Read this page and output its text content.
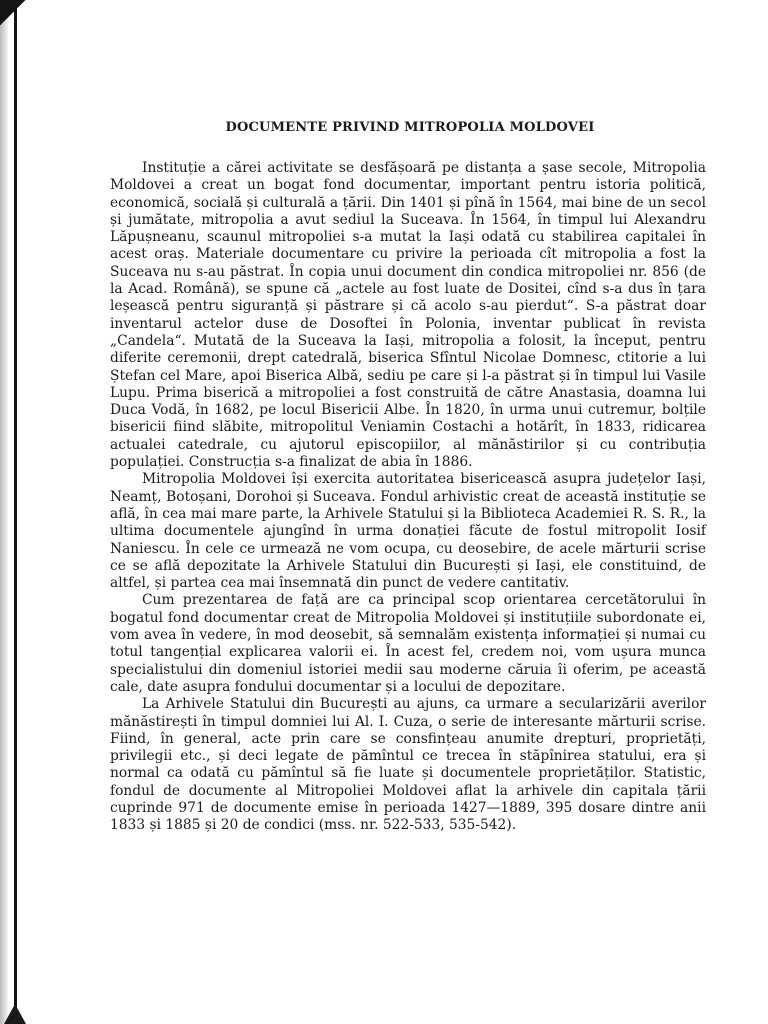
DOCUMENTE PRIVIND MITROPOLIA MOLDOVEI

Instituție a cărei activitate se desfășoară pe distanța a șase secole, Mitropolia Moldovei a creat un bogat fond documentar, important pentru istoria politică, economică, socială și culturală a țării. Din 1401 și pînă în 1564, mai bine de un secol și jumătate, mitropolia a avut sediul la Suceava. În 1564, în timpul lui Alexandru Lăpușneanu, scaunul mitropoliei s-a mutat la Iași odată cu stabilirea capitalei în acest oraș. Materiale documentare cu privire la perioada cît mitropolia a fost la Suceava nu s-au păstrat. În copia unui document din condica mitropoliei nr. 856 (de la Acad. Română), se spune că „actele au fost luate de Dositei, cînd s-a dus în țara leșească pentru siguranță și păstrare și că acolo s-au pierdut“. S-a păstrat doar inventarul actelor duse de Dosoftei în Polonia, inventar publicat în revista „Candela“. Mutată de la Suceava la Iași, mitropolia a folosit, la început, pentru diferite ceremonii, drept catedrală, biserica Sfîntul Nicolae Domnesc, ctitorie a lui Ștefan cel Mare, apoi Biserica Albă, sediu pe care și l-a păstrat și în timpul lui Vasile Lupu. Prima biserică a mitropoliei a fost construită de către Anastasia, doamna lui Duca Vodă, în 1682, pe locul Bisericii Albe. În 1820, în urma unui cutremur, bolțile bisericii fiind slăbite, mitropolitul Veniamin Costachi a hotărît, în 1833, ridicarea actualei catedrale, cu ajutorul episcopiilor, al mănăstirilor și cu contribuția populației. Construcția s-a finalizat de abia în 1886.

Mitropolia Moldovei își exercita autoritatea bisericească asupra județelor Iași, Neamț, Botoșani, Dorohoi și Suceava. Fondul arhivistic creat de această instituție se află, în cea mai mare parte, la Arhivele Statului și la Biblioteca Academiei R. S. R., la ultima documentele ajungînd în urma donației făcute de fostul mitropolit Iosif Naniescu. În cele ce urmează ne vom ocupa, cu deosebire, de acele mărturii scrise ce se află depozitate la Arhivele Statului din București și Iași, ele constituind, de altfel, și partea cea mai însemnată din punct de vedere cantitativ.

Cum prezentarea de față are ca principal scop orientarea cercetătorului în bogatul fond documentar creat de Mitropolia Moldovei și instituțiile subordonate ei, vom avea în vedere, în mod deosebit, să semnalăm existența informației și numai cu totul tangențial explicarea valorii ei. În acest fel, credem noi, vom ușura munca specialistului din domeniul istoriei medii sau moderne căruia îi oferim, pe această cale, date asupra fondului documentar și a locului de depozitare.

La Arhivele Statului din București au ajuns, ca urmare a secularizării averilor mănăstirești în timpul domniei lui Al. I. Cuza, o serie de interesante mărturii scrise. Fiind, în general, acte prin care se consfințeau anumite drepturi, proprietăți, privilegii etc., și deci legate de pămîntul ce trecea în stăpînirea statului, era și normal ca odată cu pămîntul să fie luate și documentele proprietăților. Statistic, fondul de documente al Mitropoliei Moldovei aflat la arhivele din capitala țării cuprinde 971 de documente emise în perioada 1427—1889, 395 dosare dintre anii 1833 și 1885 și 20 de condici (mss. nr. 522-533, 535-542).
